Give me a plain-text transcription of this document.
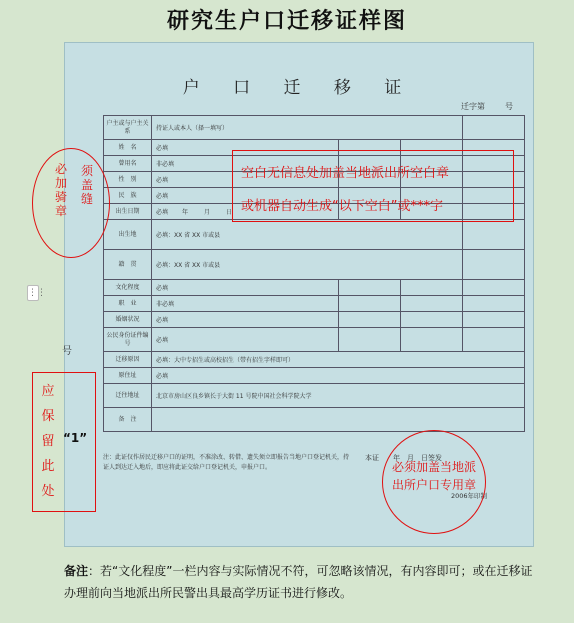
研究生户口迁移证样图
户 口 迁 移 证
迁字第	号
户主或与户主关系	持证人或本人（择一填写）			
姓　名	必填			
曾用名	非必填			
性　别	必填			
民　族	必填			
出生日期	必填 年 月 日			
出生地	必填：XX 省 XX 市或县			
籍　贯	必填：XX 省 XX 市或县			
文化程度	必填			
职　业	非必填			
婚姻状况	必填			
公民身份证件编号	必填			
迁移原因	必填：大中专招生或高校招生（带有招生字样即可）			
原住址	必填			
迁往地址	北京市房山区良乡镇长于大街 11 号院中国社会科学院大学			
备　注				
注：此证仅作居民迁移户口的证明，不准涂改、转借、遗失须立即报告当地户口登记机关，持证人到达迁入地后，即应将此证交给户口登记机关，申报户口。
本证　　年　月　日签发
2006年印制
号
必加骑章
须盖缝
空白无信息处加盖当地派出所空白章
或机器自动生成“以下空白”或***字
⋮⋮
应保留此处
“1”
必须加盖当地派出所户口专用章
备注：若“文化程度”一栏内容与实际情况不符，可忽略该情况，有内容即可；或在迁移证办理前向当地派出所民警出具最高学历证书进行修改。
